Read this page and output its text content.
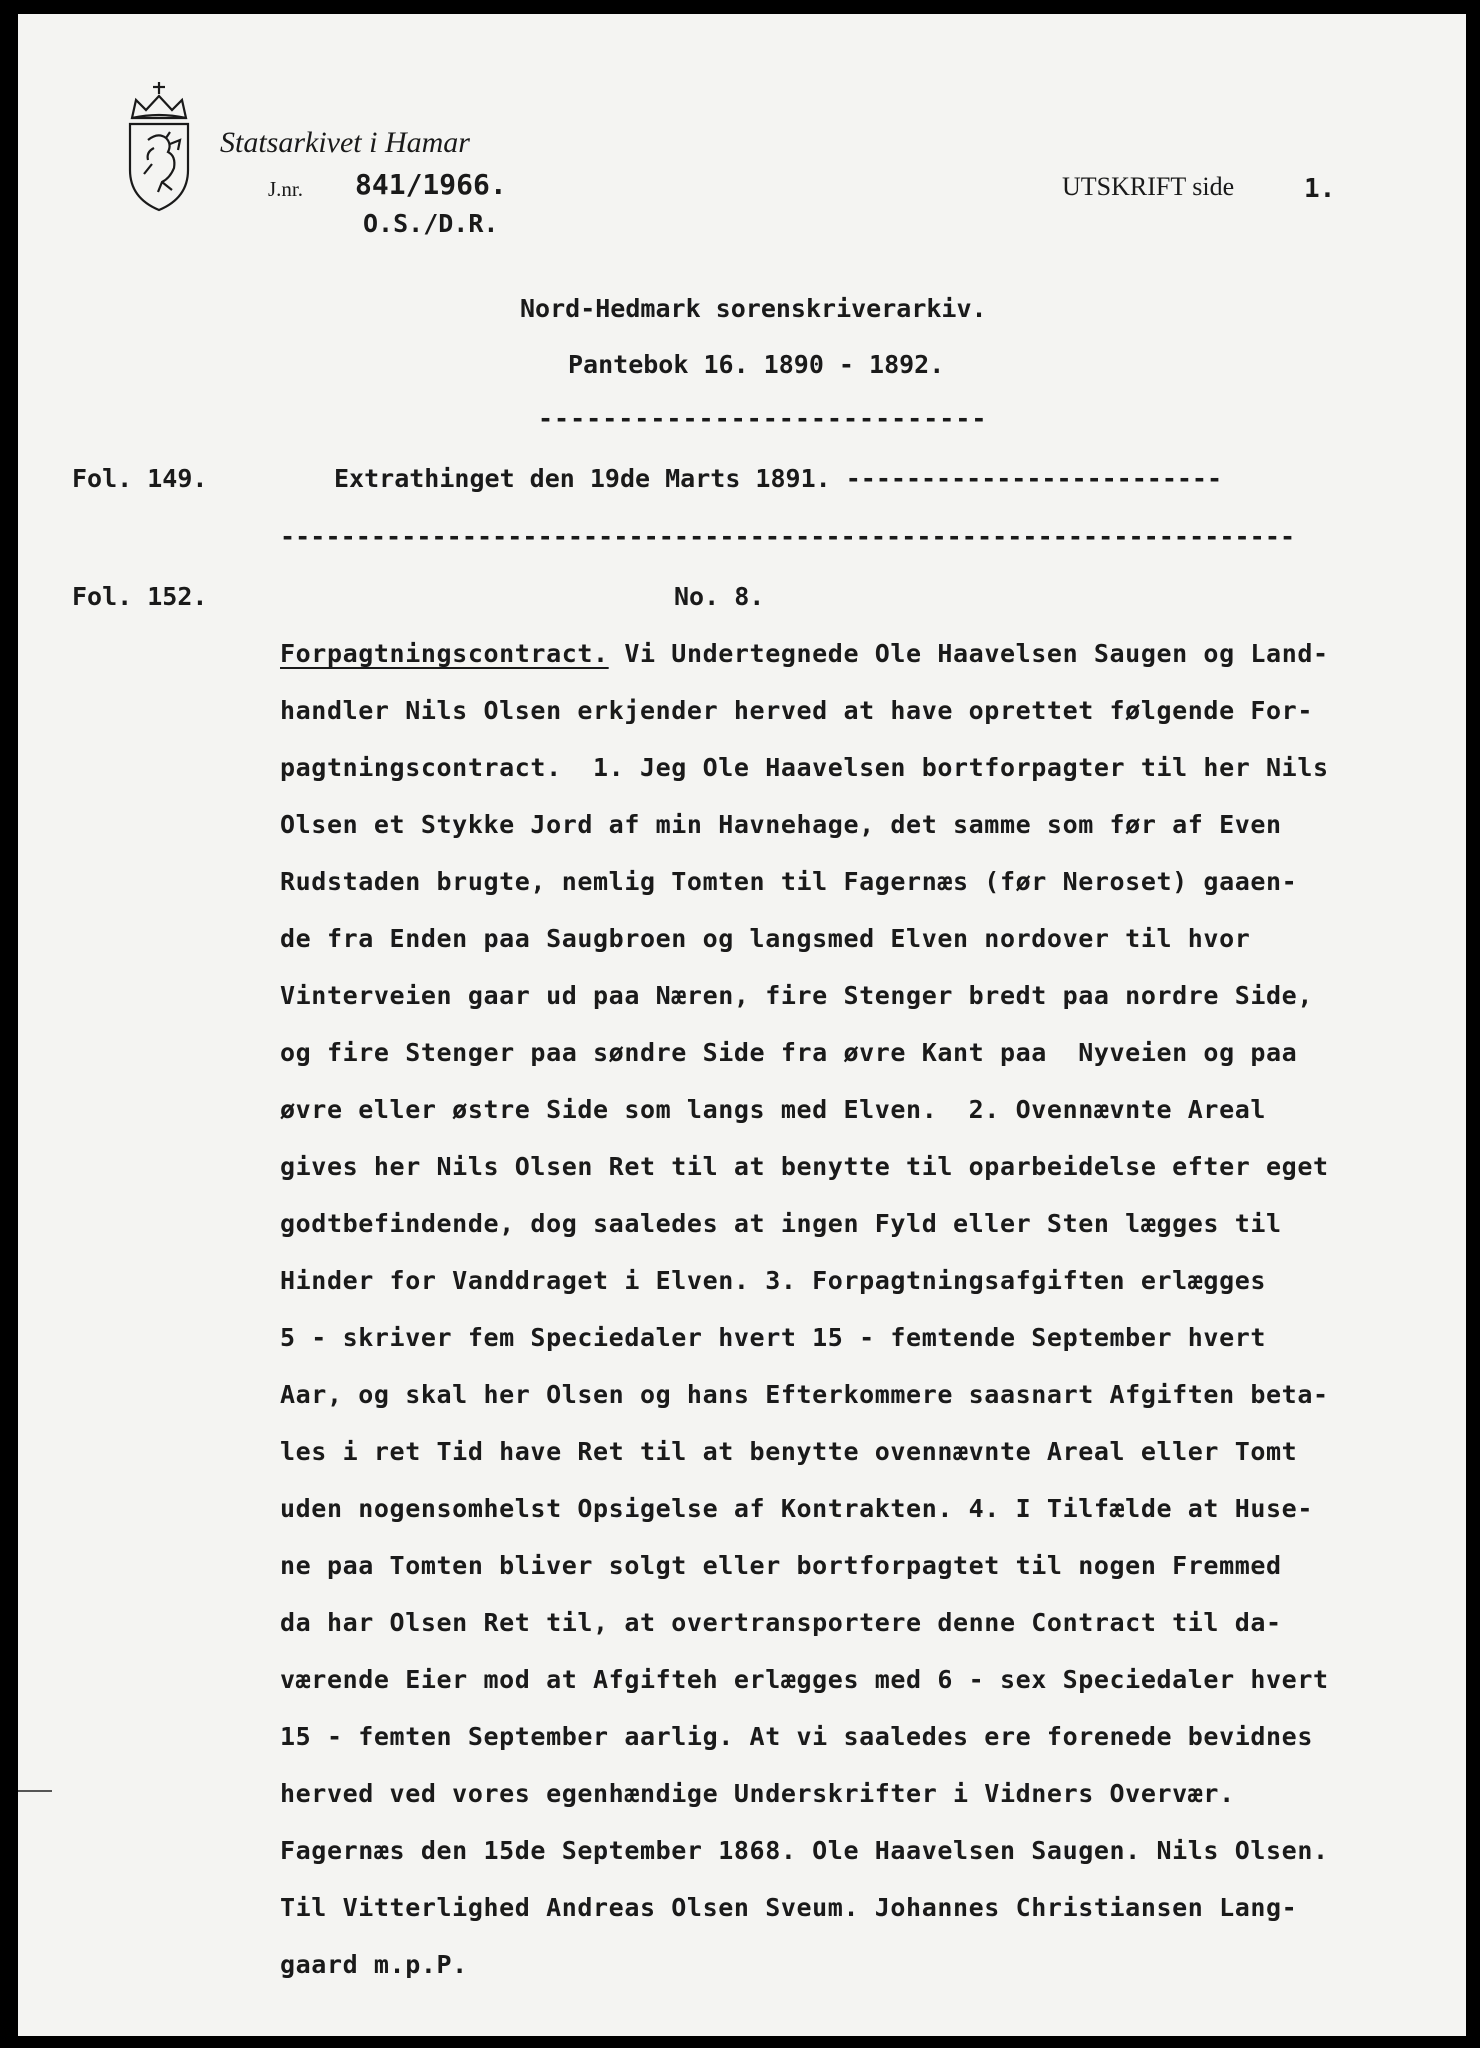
Statsarkivet i Hamar
J.nr. 841/1966.
O.S./D.R.
UTSKRIFT side	1.
Nord-Hedmark sorenskriverarkiv.
Pantebok 16. 1890 - 1892.
----------------------------
Fol. 149.	Extrathinget den 19de Marts 1891. -------------------------
-------------------------------------------------------------------
Fol. 152.	No. 8.
Forpagtningscontract. Vi Undertegnede Ole Haavelsen Saugen og Land-
handler Nils Olsen erkjender herved at have oprettet følgende For-
pagtningscontract.  1. Jeg Ole Haavelsen bortforpagter til her Nils
Olsen et Stykke Jord af min Havnehage, det samme som før af Even
Rudstaden brugte, nemlig Tomten til Fagernæs (før Neroset) gaaen-
de fra Enden paa Saugbroen og langsmed Elven nordover til hvor
Vinterveien gaar ud paa Næren, fire Stenger bredt paa nordre Side,
og fire Stenger paa søndre Side fra øvre Kant paa  Nyveien og paa
øvre eller østre Side som langs med Elven.  2. Ovennævnte Areal
gives her Nils Olsen Ret til at benytte til oparbeidelse efter eget
godtbefindende, dog saaledes at ingen Fyld eller Sten lægges til
Hinder for Vanddraget i Elven. 3. Forpagtningsafgiften erlægges
5 - skriver fem Speciedaler hvert 15 - femtende September hvert
Aar, og skal her Olsen og hans Efterkommere saasnart Afgiften beta-
les i ret Tid have Ret til at benytte ovennævnte Areal eller Tomt
uden nogensomhelst Opsigelse af Kontrakten. 4. I Tilfælde at Huse-
ne paa Tomten bliver solgt eller bortforpagtet til nogen Fremmed
da har Olsen Ret til, at overtransportere denne Contract til da-
værende Eier mod at Afgifteh erlægges med 6 - sex Speciedaler hvert
15 - femten September aarlig. At vi saaledes ere forenede bevidnes
herved ved vores egenhændige Underskrifter i Vidners Overvær.
Fagernæs den 15de September 1868. Ole Haavelsen Saugen. Nils Olsen.
Til Vitterlighed Andreas Olsen Sveum. Johannes Christiansen Lang-
gaard m.p.P.
